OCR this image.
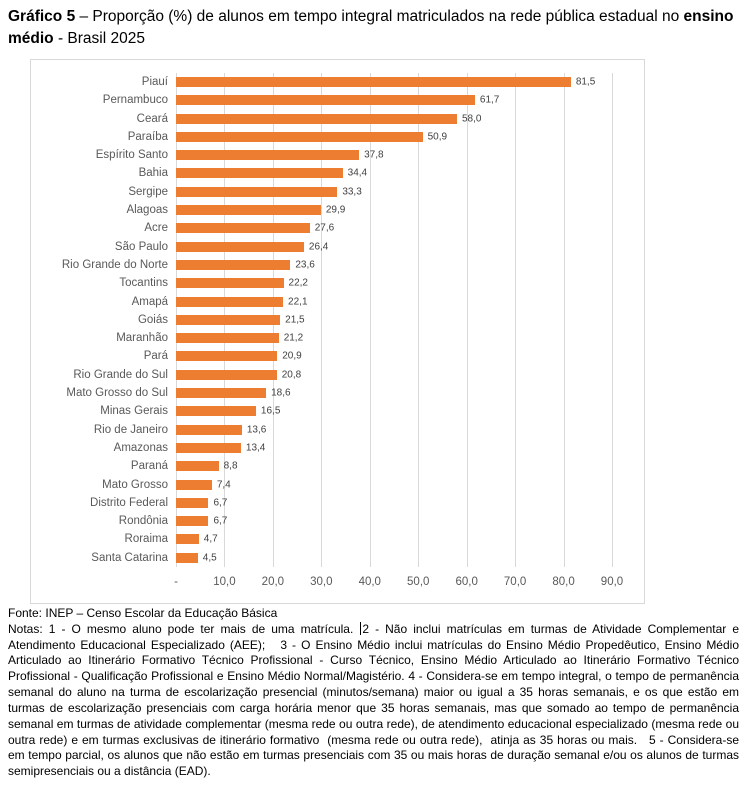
Gráfico 5 – Proporção (%) de alunos em tempo integral matriculados na rede pública estadual no ensino médio - Brasil 2025
Piauí	81,5
Pernambuco	61,7
Ceará	58,0
Paraíba	50,9
Espírito Santo	37,8
Bahia	34,4
Sergipe	33,3
Alagoas	29,9
Acre	27,6
São Paulo	26,4
Rio Grande do Norte	23,6
Tocantins	22,2
Amapá	22,1
Goiás	21,5
Maranhão	21,2
Pará	20,9
Rio Grande do Sul	20,8
Mato Grosso do Sul	18,6
Minas Gerais	16,5
Rio de Janeiro	13,6
Amazonas	13,4
Paraná	8,8
Mato Grosso	7,4
Distrito Federal	6,7
Rondônia	6,7
Roraima	4,7
Santa Catarina	4,5
-	10,0 20,0 30,0 40,0 50,0 60,0 70,0 80,0 90,0
Fonte: INEP – Censo Escolar da Educação Básica

Notas: 1 - O mesmo aluno pode ter mais de uma matrícula. 2 - Não inclui matrículas em turmas de Atividade Complementar e Atendimento Educacional Especializado (AEE);   3 - O Ensino Médio inclui matrículas do Ensino Médio Propedêutico, Ensino Médio Articulado ao Itinerário Formativo Técnico Profissional - Curso Técnico, Ensino Médio Articulado ao Itinerário Formativo Técnico Profissional - Qualificação Profissional e Ensino Médio Normal/Magistério. 4 - Considera-se em tempo integral, o tempo de permanência semanal do aluno na turma de escolarização presencial (minutos/semana) maior ou igual a 35 horas semanais, e os que estão em turmas de escolarização presenciais com carga horária menor que 35 horas semanais, mas que somado ao tempo de permanência semanal em turmas de atividade complementar (mesma rede ou outra rede), de atendimento educacional especializado (mesma rede ou outra rede) e em turmas exclusivas de itinerário formativo  (mesma rede ou outra rede),  atinja as 35 horas ou mais.   5 - Considera-se em tempo parcial, os alunos que não estão em turmas presenciais com 35 ou mais horas de duração semanal e/ou os alunos de turmas semipresenciais ou a distância (EAD).
